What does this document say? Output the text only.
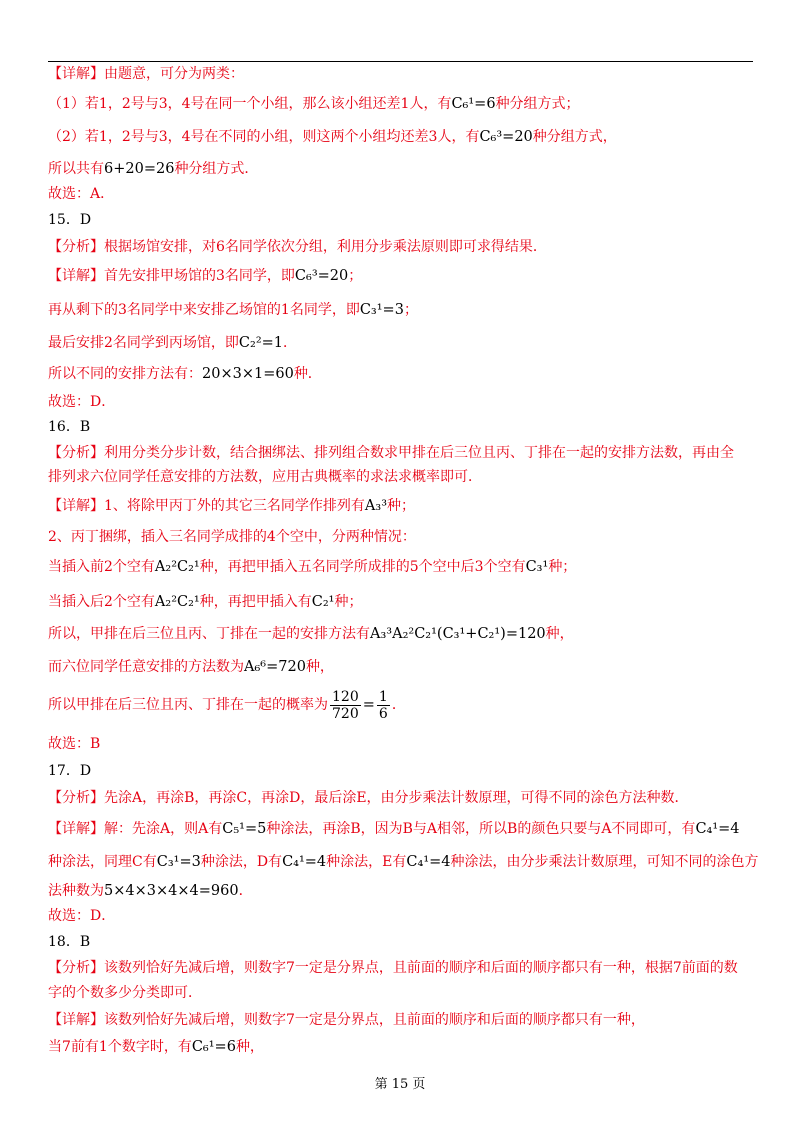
【详解】由题意，可分为两类：
（1）若1，2号与3，4号在同一个小组，那么该小组还差1人，有C₆¹=6种分组方式；
（2）若1，2号与3，4号在不同的小组，则这两个小组均还差3人，有C₆³=20种分组方式，
所以共有6+20=26种分组方式．
故选：A．
15．D
【分析】根据场馆安排，对6名同学依次分组，利用分步乘法原则即可求得结果．
【详解】首先安排甲场馆的3名同学，即C₆³=20；
再从剩下的3名同学中来安排乙场馆的1名同学，即C₃¹=3；
最后安排2名同学到丙场馆，即C₂²=1．
所以不同的安排方法有：20×3×1=60种．
故选：D．
16．B
【分析】利用分类分步计数，结合捆绑法、排列组合数求甲排在后三位且丙、丁排在一起的安排方法数，再由全
排列求六位同学任意安排的方法数，应用古典概率的求法求概率即可．
【详解】1、将除甲丙丁外的其它三名同学作排列有A₃³种；
2、丙丁捆绑，插入三名同学成排的4个空中，分两种情况：
当插入前2个空有A₂²C₂¹种，再把甲插入五名同学所成排的5个空中后3个空有C₃¹种；
当插入后2个空有A₂²C₂¹种，再把甲插入有C₂¹种；
所以，甲排在后三位且丙、丁排在一起的安排方法有A₃³A₂²C₂¹(C₃¹+C₂¹)=120种，
而六位同学任意安排的方法数为A₆⁶=720种，
所以甲排在后三位且丙、丁排在一起的概率为 $\frac{120}{720} = \frac{1}{6}$ ．
故选：B
17．D
【分析】先涂A，再涂B，再涂C，再涂D，最后涂E，由分步乘法计数原理，可得不同的涂色方法种数．
【详解】解：先涂A，则A有C₅¹=5种涂法，再涂B，因为B与A相邻，所以B的颜色只要与A不同即可，有C₄¹=4
种涂法，同理C有C₃¹=3种涂法，D有C₄¹=4种涂法，E有C₄¹=4种涂法，由分步乘法计数原理，可知不同的涂色方
法种数为5×4×3×4×4=960．
故选：D．
18．B
【分析】该数列恰好先减后增，则数字7一定是分界点，且前面的顺序和后面的顺序都只有一种，根据7前面的数
字的个数多少分类即可．
【详解】该数列恰好先减后增，则数字7一定是分界点，且前面的顺序和后面的顺序都只有一种，
当7前有1个数字时，有C₆¹=6种，
第 15 页
